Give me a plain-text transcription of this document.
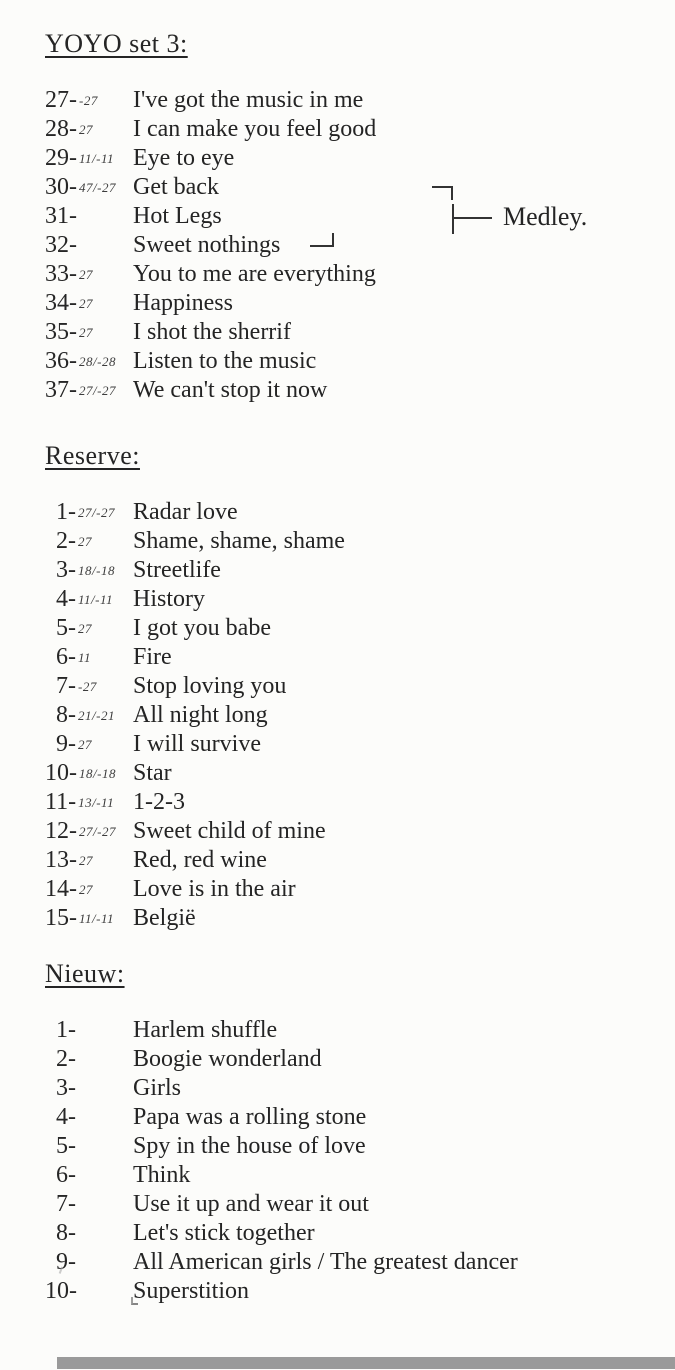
YOYO set 3:
27- -27 I've got the music in me
28- 27 I can make you feel good
29- 11/-11 Eye to eye
30- 47/-27 Get back
31- Hot Legs
32- Sweet nothings
33- 27 You to me are everything
34- 27 Happiness
35- 27 I shot the sherrif
36- 28/-28 Listen to the music
37- 27/-27 We can't stop it now
Reserve:
1- 27/-27 Radar love
2- 27 Shame, shame, shame
3- 18/-18 Streetlife
4- 11/-11 History
5- 27 I got you babe
6- 11 Fire
7- -27 Stop loving you
8- 21/-21 All night long
9- 27 I will survive
10- 18/-18 Star
11- 13/-11 1-2-3
12- 27/-27 Sweet child of mine
13- 27 Red, red wine
14- 27 Love is in the air
15- 11/-11 België
Nieuw:
1- Harlem shuffle
2- Boogie wonderland
3- Girls
4- Papa was a rolling stone
5- Spy in the house of love
6- Think
7- Use it up and wear it out
8- Let's stick together
9- All American girls / The greatest dancer
10- Superstition
Medley.
